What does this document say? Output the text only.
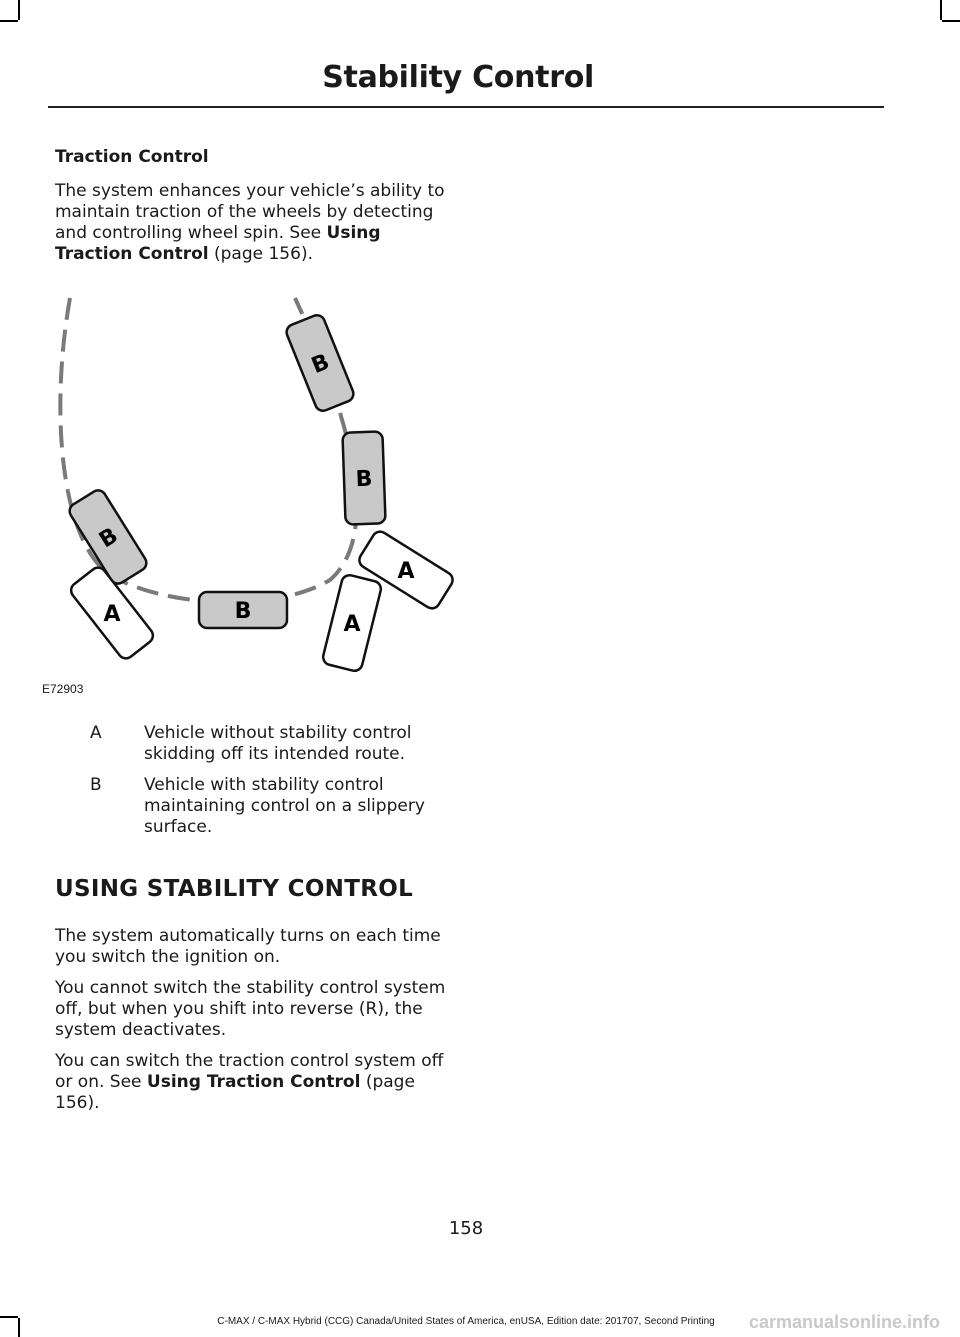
Stability Control
Traction Control
The system enhances your vehicle’s ability to maintain traction of the wheels by detecting and controlling wheel spin. See Using Traction Control (page 156).
B
B
B
B
A	A
A
E72903
A Vehicle without stability control skidding off its intended route.
B Vehicle with stability control maintaining control on a slippery surface.
USING STABILITY CONTROL
The system automatically turns on each time you switch the ignition on.
You cannot switch the stability control system off, but when you shift into reverse (R), the system deactivates.
You can switch the traction control system off or on. See Using Traction Control (page 156).
158
C-MAX / C-MAX Hybrid (CCG) Canada/United States of America, enUSA, Edition date: 201707, Second Printing	carmanualsonline.info
